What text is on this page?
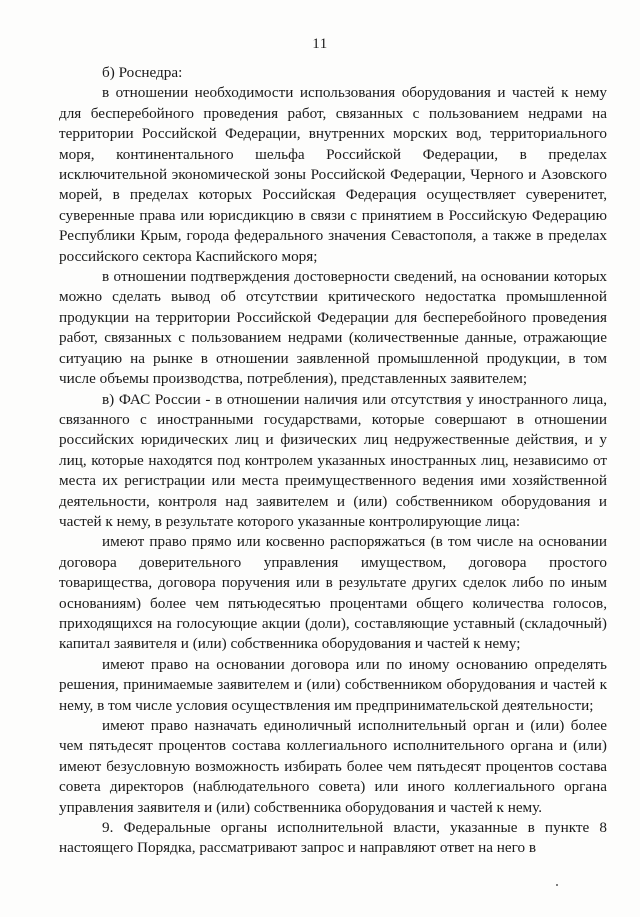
11

б) Роснедра:

в отношении необходимости использования оборудования и частей к нему для бесперебойного проведения работ, связанных с пользованием недрами на территории Российской Федерации, внутренних морских вод, территориального моря, континентального шельфа Российской Федерации, в пределах исключительной экономической зоны Российской Федерации, Черного и Азовского морей, в пределах которых Российская Федерация осуществляет суверенитет, суверенные права или юрисдикцию в связи с принятием в Российскую Федерацию Республики Крым, города федерального значения Севастополя, а также в пределах российского сектора Каспийского моря;

в отношении подтверждения достоверности сведений, на основании которых можно сделать вывод об отсутствии критического недостатка промышленной продукции на территории Российской Федерации для бесперебойного проведения работ, связанных с пользованием недрами (количественные данные, отражающие ситуацию на рынке в отношении заявленной промышленной продукции, в том числе объемы производства, потребления), представленных заявителем;

в) ФАС России - в отношении наличия или отсутствия у иностранного лица, связанного с иностранными государствами, которые совершают в отношении российских юридических лиц и физических лиц недружественные действия, и у лиц, которые находятся под контролем указанных иностранных лиц, независимо от места их регистрации или места преимущественного ведения ими хозяйственной деятельности, контроля над заявителем и (или) собственником оборудования и частей к нему, в результате которого указанные контролирующие лица:

имеют право прямо или косвенно распоряжаться (в том числе на основании договора доверительного управления имуществом, договора простого товарищества, договора поручения или в результате других сделок либо по иным основаниям) более чем пятьюдесятью процентами общего количества голосов, приходящихся на голосующие акции (доли), составляющие уставный (складочный) капитал заявителя и (или) собственника оборудования и частей к нему;

имеют право на основании договора или по иному основанию определять решения, принимаемые заявителем и (или) собственником оборудования и частей к нему, в том числе условия осуществления им предпринимательской деятельности;

имеют право назначать единоличный исполнительный орган и (или) более чем пятьдесят процентов состава коллегиального исполнительного органа и (или) имеют безусловную возможность избирать более чем пятьдесят процентов состава совета директоров (наблюдательного совета) или иного коллегиального органа управления заявителя и (или) собственника оборудования и частей к нему.

9. Федеральные органы исполнительной власти, указанные в пункте 8 настоящего Порядка, рассматривают запрос и направляют ответ на него в
